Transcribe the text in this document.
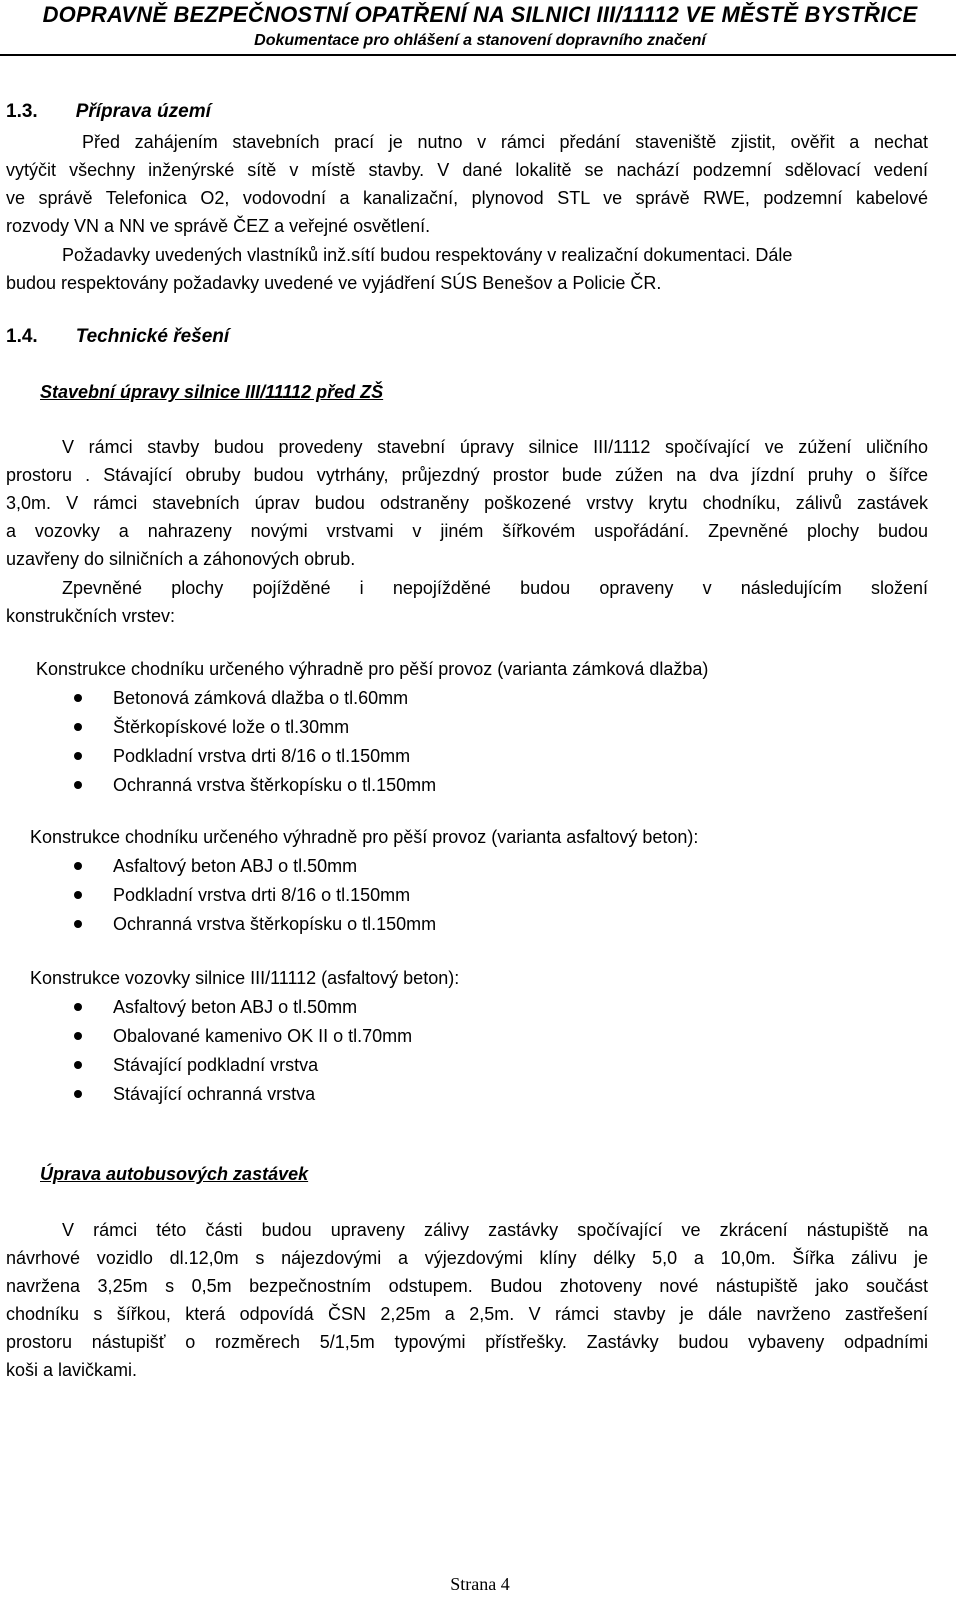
DOPRAVNĚ BEZPEČNOSTNÍ OPATŘENÍ NA SILNICI III/11112 VE MĚSTĚ BYSTŘICE
Dokumentace pro ohlášení a stanovení dopravního značení
1.3. Příprava území
Před zahájením stavebních prací je nutno v rámci předání staveniště zjistit, ověřit a nechat
vytýčit všechny inženýrské sítě v místě stavby. V dané lokalitě se nachází podzemní sdělovací vedení
ve správě Telefonica O2, vodovodní a kanalizační, plynovod STL ve správě RWE, podzemní kabelové
rozvody VN a NN ve správě ČEZ a veřejné osvětlení.
Požadavky uvedených vlastníků inž.sítí budou respektovány v realizační dokumentaci. Dále
budou respektovány požadavky uvedené ve vyjádření SÚS Benešov a Policie ČR.
1.4. Technické řešení
Stavební úpravy silnice III/11112 před ZŠ
V rámci stavby budou provedeny stavební úpravy silnice III/1112 spočívající ve zúžení uličního
prostoru . Stávající obruby budou vytrhány, průjezdný prostor bude zúžen na dva jízdní pruhy o šířce
3,0m. V rámci stavebních úprav budou odstraněny poškozené vrstvy krytu chodníku, zálivů zastávek
a vozovky a nahrazeny novými vrstvami v jiném šířkovém uspořádání. Zpevněné plochy budou
uzavřeny do silničních a záhonových obrub.
Zpevněné plochy pojížděné i nepojížděné budou opraveny v následujícím složení
konstrukčních vrstev:
Konstrukce chodníku určeného výhradně pro pěší provoz (varianta zámková dlažba)
Betonová zámková dlažba o tl.60mm
Štěrkopískové lože o tl.30mm
Podkladní vrstva drti 8/16 o tl.150mm
Ochranná vrstva štěrkopísku o tl.150mm
Konstrukce chodníku určeného výhradně pro pěší provoz (varianta asfaltový beton):
Asfaltový beton ABJ o tl.50mm
Podkladní vrstva drti 8/16 o tl.150mm
Ochranná vrstva štěrkopísku o tl.150mm
Konstrukce vozovky silnice III/11112 (asfaltový beton):
Asfaltový beton ABJ o tl.50mm
Obalované kamenivo OK II o tl.70mm
Stávající podkladní vrstva
Stávající ochranná vrstva
Úprava autobusových zastávek
V rámci této části budou upraveny zálivy zastávky spočívající ve zkrácení nástupiště na
návrhové vozidlo dl.12,0m s nájezdovými a výjezdovými klíny délky 5,0 a 10,0m. Šířka zálivu je
navržena 3,25m s 0,5m bezpečnostním odstupem. Budou zhotoveny nové nástupiště jako součást
chodníku s šířkou, která odpovídá ČSN 2,25m a 2,5m. V rámci stavby je dále navrženo zastřešení
prostoru nástupišť o rozměrech 5/1,5m typovými přístřešky. Zastávky budou vybaveny odpadními
koši a lavičkami.
Strana 4
